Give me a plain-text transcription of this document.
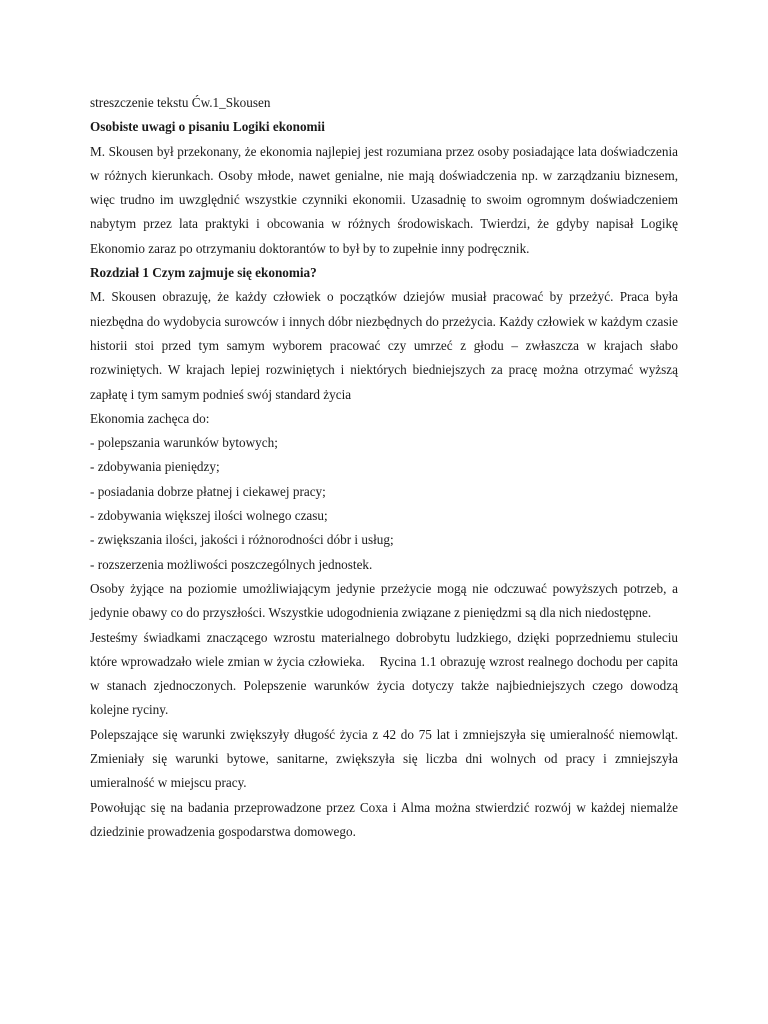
streszczenie tekstu Ćw.1_Skousen

Osobiste uwagi o pisaniu Logiki ekonomii

M. Skousen był przekonany, że ekonomia najlepiej jest rozumiana przez osoby posiadające lata doświadczenia w różnych kierunkach. Osoby młode, nawet genialne, nie mają doświadczenia np. w zarządzaniu biznesem, więc trudno im uwzględnić wszystkie czynniki ekonomii. Uzasadnię to swoim ogromnym doświadczeniem nabytym przez lata praktyki i obcowania w różnych środowiskach. Twierdzi, że gdyby napisał Logikę Ekonomio zaraz po otrzymaniu doktorantów to był by to zupełnie inny podręcznik.

Rozdział 1 Czym zajmuje się ekonomia?

M. Skousen obrazuję, że każdy człowiek o początków dziejów musiał pracować by przeżyć. Praca była niezbędna do wydobycia surowców i innych dóbr niezbędnych do przeżycia. Każdy człowiek w każdym czasie historii stoi przed tym samym wyborem pracować czy umrzeć z głodu – zwłaszcza w krajach słabo rozwiniętych. W krajach lepiej rozwiniętych i niektórych biedniejszych za pracę można otrzymać wyższą zapłatę i tym samym podnieś swój standard życia

Ekonomia zachęca do:

- polepszania warunków bytowych;
- zdobywania pieniędzy;
- posiadania dobrze płatnej i ciekawej pracy;
- zdobywania większej ilości wolnego czasu;
- zwiększania ilości, jakości i różnorodności dóbr i usług;
- rozszerzenia możliwości poszczególnych jednostek.

Osoby żyjące na poziomie umożliwiającym jedynie przeżycie mogą nie odczuwać powyższych potrzeb, a jedynie obawy co do przyszłości. Wszystkie udogodnienia związane z pieniędzmi są dla nich niedostępne.

Jesteśmy świadkami znaczącego wzrostu materialnego dobrobytu ludzkiego, dzięki poprzedniemu stuleciu które wprowadzało wiele zmian w życia człowieka.    Rycina 1.1 obrazuję wzrost realnego dochodu per capita w stanach zjednoczonych. Polepszenie warunków życia dotyczy także najbiedniejszych czego dowodzą kolejne ryciny.

Polepszające się warunki zwiększyły długość życia z 42 do 75 lat i zmniejszyła się umieralność niemowląt. Zmieniały się warunki bytowe, sanitarne, zwiększyła się liczba dni wolnych od pracy i zmniejszyła umieralność w miejscu pracy.

Powołując się na badania przeprowadzone przez Coxa i Alma można stwierdzić rozwój w każdej niemalże dziedzinie prowadzenia gospodarstwa domowego.
